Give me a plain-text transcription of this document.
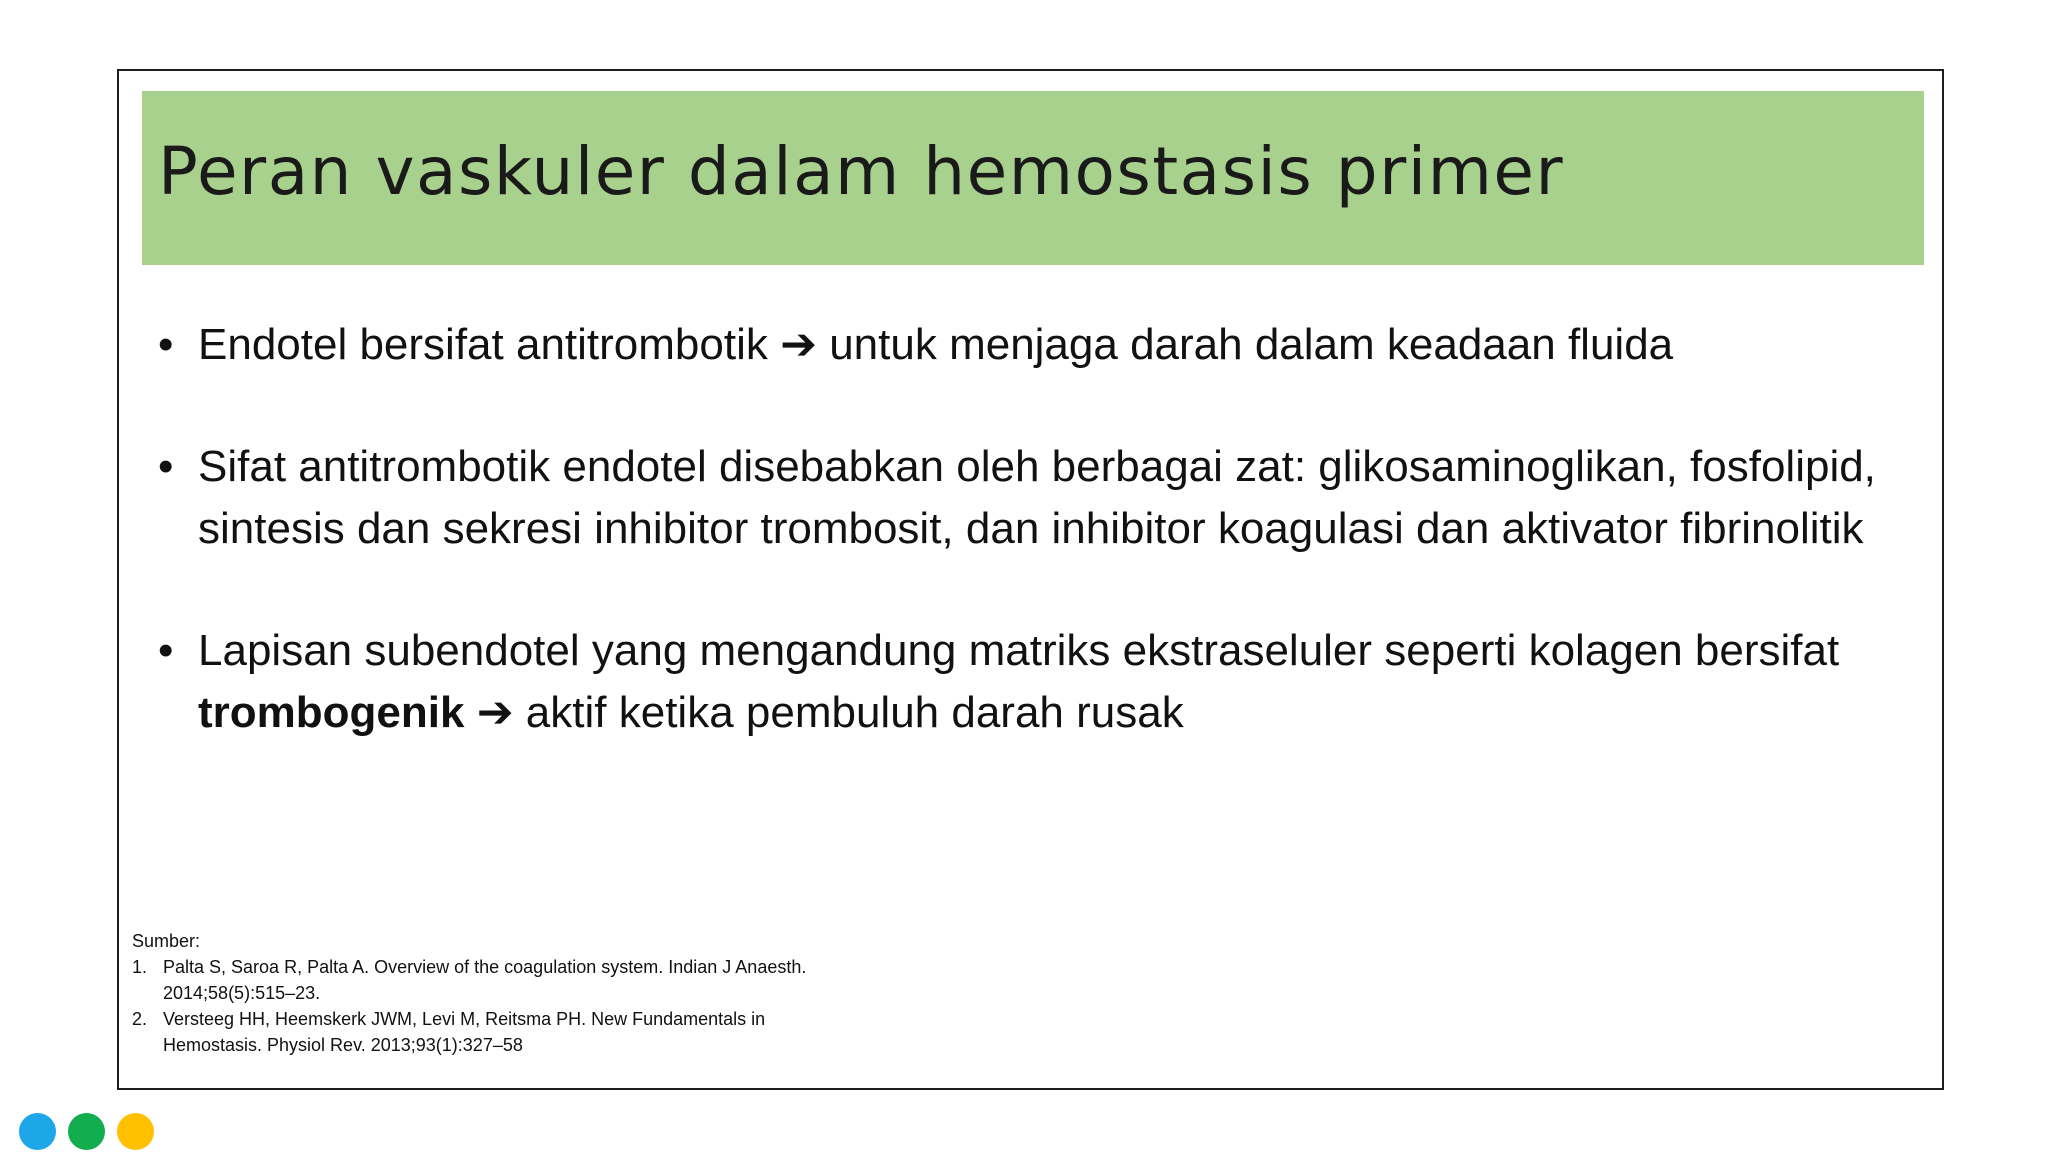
Peran vaskuler dalam hemostasis primer
• Endotel bersifat antitrombotik ➔ untuk menjaga darah dalam keadaan fluida
• Sifat antitrombotik endotel disebabkan oleh berbagai zat: glikosaminoglikan, fosfolipid, sintesis dan sekresi inhibitor trombosit, dan inhibitor koagulasi dan aktivator fibrinolitik
• Lapisan subendotel yang mengandung matriks ekstraseluler seperti kolagen bersifat trombogenik ➔ aktif ketika pembuluh darah rusak
Sumber:
1. Palta S, Saroa R, Palta A. Overview of the coagulation system. Indian J Anaesth.
2014;58(5):515–23.
2. Versteeg HH, Heemskerk JWM, Levi M, Reitsma PH. New Fundamentals in
Hemostasis. Physiol Rev. 2013;93(1):327–58
